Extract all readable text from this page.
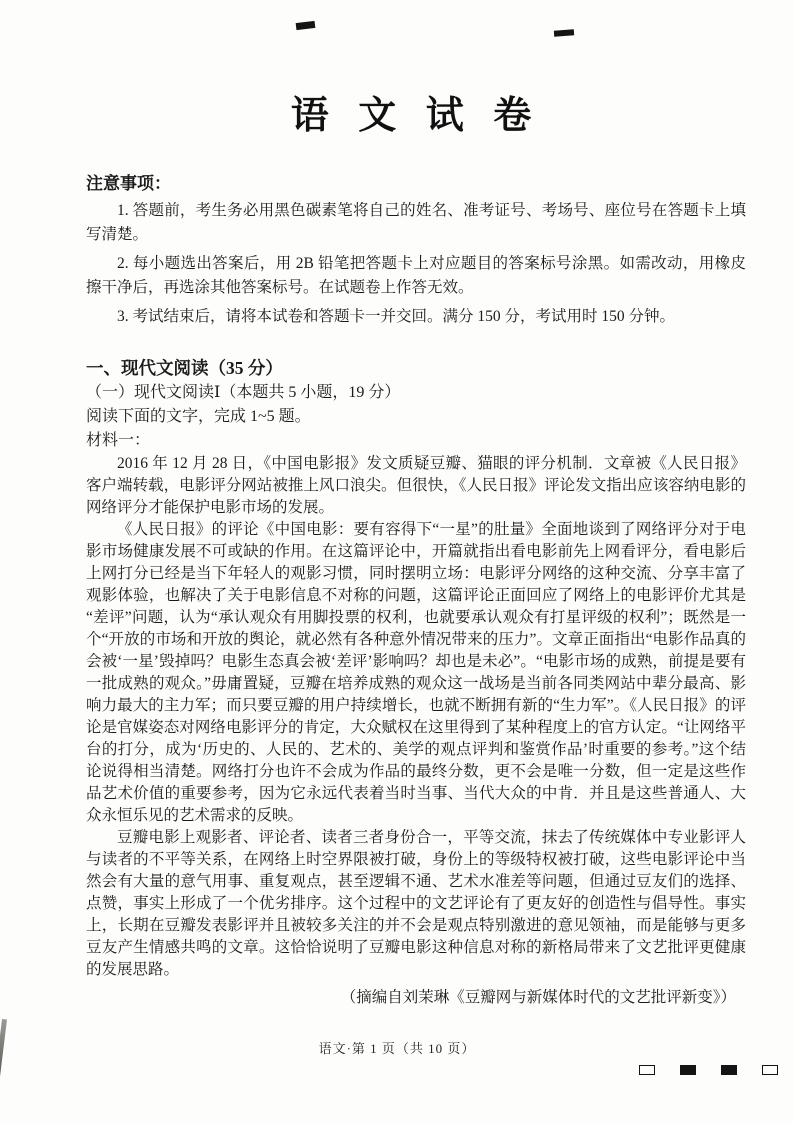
语 文 试 卷
注意事项：

1. 答题前，考生务必用黑色碳素笔将自己的姓名、准考证号、考场号、座位号在答题卡上填写清楚。

2. 每小题选出答案后，用 2B 铅笔把答题卡上对应题目的答案标号涂黑。如需改动，用橡皮擦干净后，再选涂其他答案标号。在试题卷上作答无效。

3. 考试结束后，请将本试卷和答题卡一并交回。满分 150 分，考试用时 150 分钟。

一、现代文阅读（35 分）
（一）现代文阅读Ⅰ（本题共 5 小题，19 分）
阅读下面的文字，完成 1~5 题。
材料一：

2016 年 12 月 28 日，《中国电影报》发文质疑豆瓣、猫眼的评分机制．文章被《人民日报》客户端转载，电影评分网站被推上风口浪尖。但很快，《人民日报》评论发文指出应该容纳电影的网络评分才能保护电影市场的发展。

《人民日报》的评论《中国电影：要有容得下“一星”的肚量》全面地谈到了网络评分对于电影市场健康发展不可或缺的作用。在这篇评论中，开篇就指出看电影前先上网看评分，看电影后上网打分已经是当下年轻人的观影习惯，同时摆明立场：电影评分网络的这种交流、分享丰富了观影体验，也解决了关于电影信息不对称的问题，这篇评论正面回应了网络上的电影评价尤其是“差评”问题，认为“承认观众有用脚投票的权利，也就要承认观众有打星评级的权利”；既然是一个“开放的市场和开放的舆论，就必然有各种意外情况带来的压力”。文章正面指出“电影作品真的会被‘一星’毁掉吗？电影生态真会被‘差评’影响吗？却也是未必”。“电影市场的成熟，前提是要有一批成熟的观众。”毋庸置疑，豆瓣在培养成熟的观众这一战场是当前各同类网站中辈分最高、影响力最大的主力军；而只要豆瓣的用户持续增长，也就不断拥有新的“生力军”。《人民日报》的评论是官媒姿态对网络电影评分的肯定，大众赋权在这里得到了某种程度上的官方认定。“让网络平台的打分，成为‘历史的、人民的、艺术的、美学的观点评判和鉴赏作品’时重要的参考。”这个结论说得相当清楚。网络打分也许不会成为作品的最终分数，更不会是唯一分数，但一定是这些作品艺术价值的重要参考，因为它永远代表着当时当事、当代大众的中肯．并且是这些普通人、大众永恒乐见的艺术需求的反映。

豆瓣电影上观影者、评论者、读者三者身份合一，平等交流，抹去了传统媒体中专业影评人与读者的不平等关系，在网络上时空界限被打破，身份上的等级特权被打破，这些电影评论中当然会有大量的意气用事、重复观点，甚至逻辑不通、艺术水准差等问题，但通过豆友们的选择、点赞，事实上形成了一个优劣排序。这个过程中的文艺评论有了更友好的创造性与倡导性。事实上，长期在豆瓣发表影评并且被较多关注的并不会是观点特别激进的意见领袖，而是能够与更多豆友产生情感共鸣的文章。这恰恰说明了豆瓣电影这种信息对称的新格局带来了文艺批评更健康的发展思路。

（摘编自刘茉琳《豆瓣网与新媒体时代的文艺批评新变》）

语文·第 1 页（共 10 页）
